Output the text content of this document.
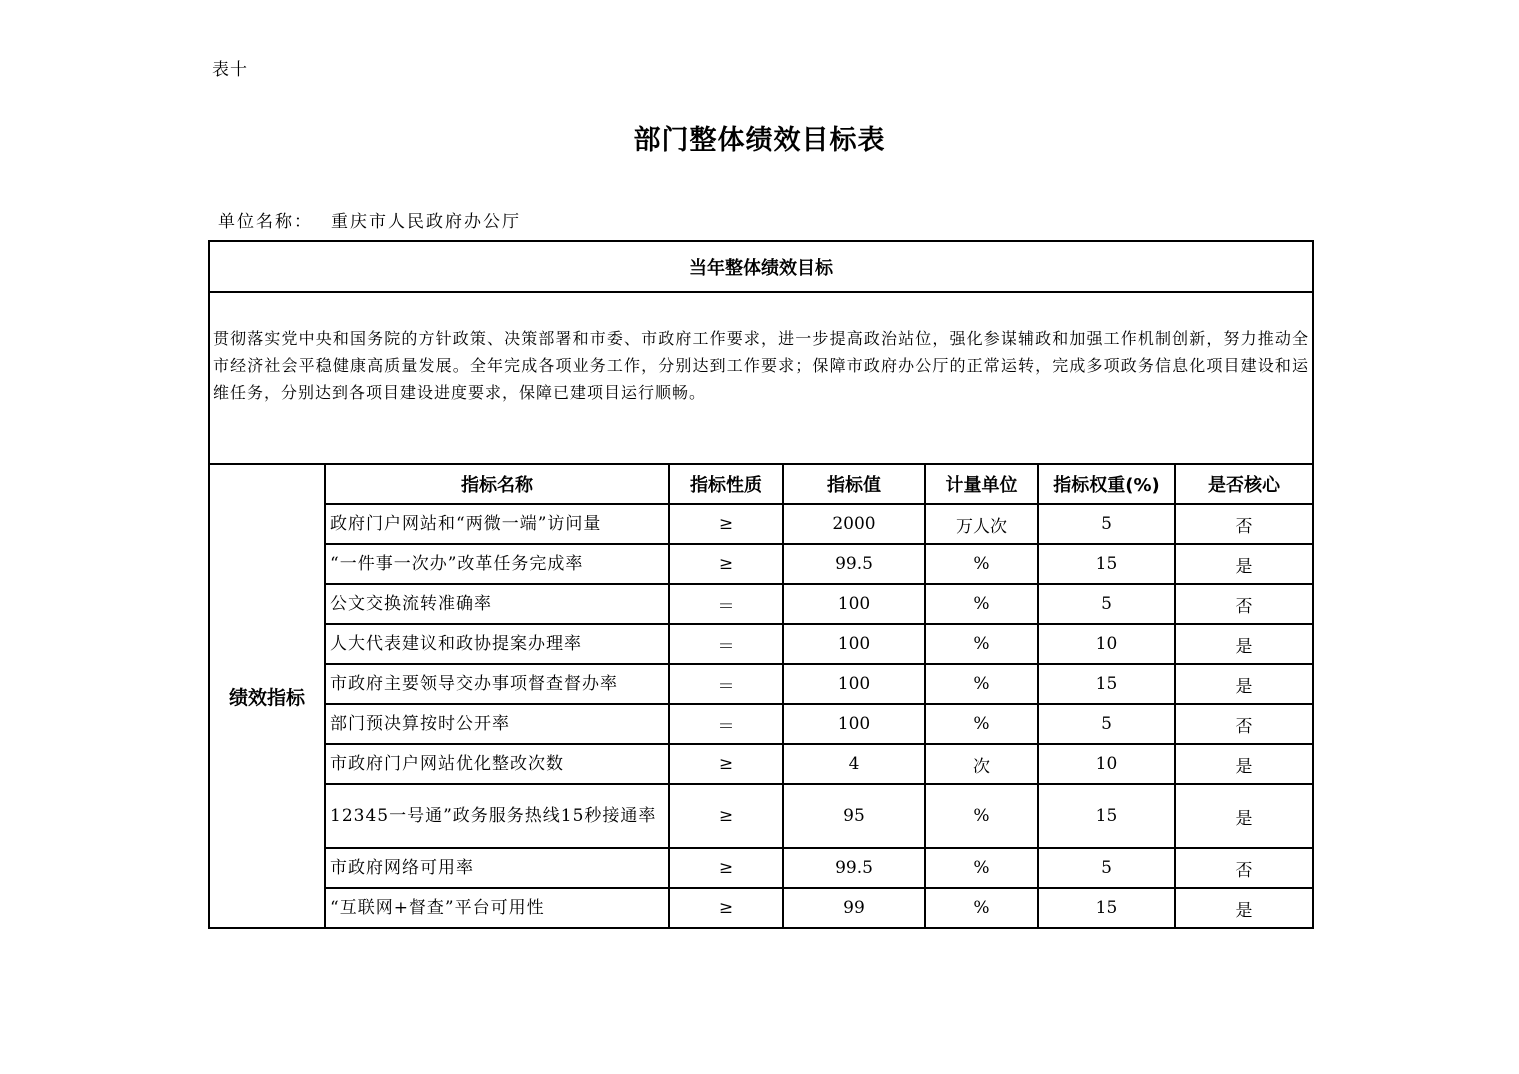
表十
部门整体绩效目标表
单位名称： 重庆市人民政府办公厅
当年整体绩效目标						
贯彻落实党中央和国务院的方针政策、决策部署和市委、市政府工作要求，进一步提高政治站位，强化参谋辅政和加强工作机制创新，努力推动全市经济社会平稳健康高质量发展。全年完成各项业务工作，分别达到工作要求；保障市政府办公厅的正常运转，完成多项政务信息化项目建设和运维任务，分别达到各项目建设进度要求，保障已建项目运行顺畅。						
绩效指标	指标名称	指标性质	指标值	计量单位	指标权重(%)	是否核心
	政府门户网站和“两微一端”访问量	≥	2000	万人次	5	否
	“一件事一次办”改革任务完成率	≥	99.5	%	15	是
	公文交换流转准确率	＝	100	%	5	否
	人大代表建议和政协提案办理率	＝	100	%	10	是
	市政府主要领导交办事项督查督办率	＝	100	%	15	是
	部门预决算按时公开率	＝	100	%	5	否
	市政府门户网站优化整改次数	≥	4	次	10	是
	12345一号通”政务服务热线15秒接通率	≥	95	%	15	是
	市政府网络可用率	≥	99.5	%	5	否
	“互联网+督查”平台可用性	≥	99	%	15	是
